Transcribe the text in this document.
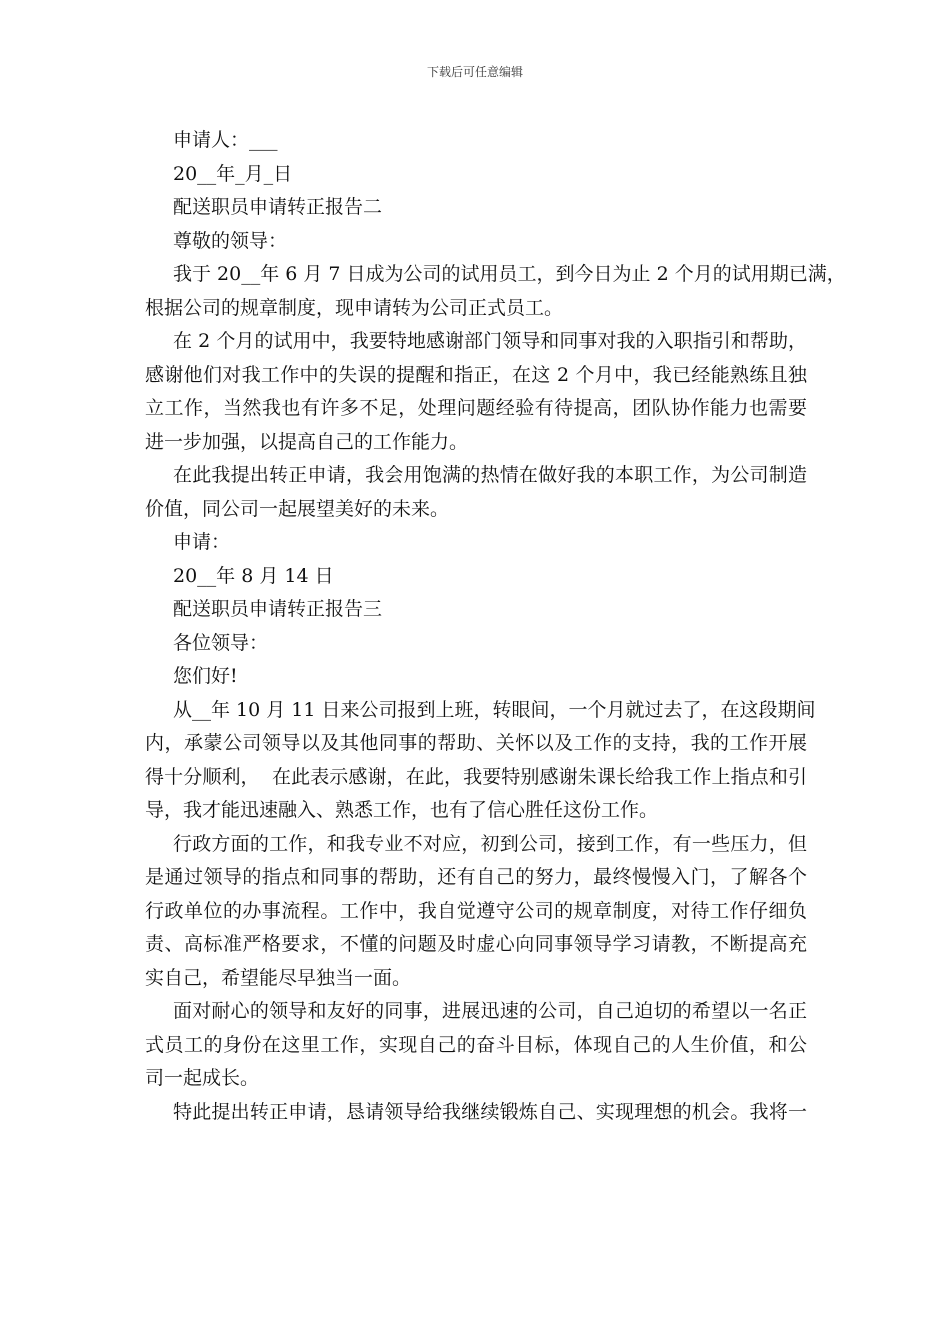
下载后可任意编辑
申请人：___
20__年_月_日
配送职员申请转正报告二
尊敬的领导：
我于 20__年 6 月 7 日成为公司的试用员工，到今日为止 2 个月的试用期已满，
根据公司的规章制度，现申请转为公司正式员工。
在 2 个月的试用中，我要特地感谢部门领导和同事对我的入职指引和帮助，
感谢他们对我工作中的失误的提醒和指正，在这 2 个月中，我已经能熟练且独
立工作，当然我也有许多不足，处理问题经验有待提高，团队协作能力也需要
进一步加强，以提高自己的工作能力。
在此我提出转正申请，我会用饱满的热情在做好我的本职工作，为公司制造
价值，同公司一起展望美好的未来。
申请：
20__年 8 月 14 日
配送职员申请转正报告三
各位领导：
您们好!
从__年 10 月 11 日来公司报到上班，转眼间，一个月就过去了，在这段期间
内，承蒙公司领导以及其他同事的帮助、关怀以及工作的支持，我的工作开展
得十分顺利，  在此表示感谢，在此，我要特别感谢朱课长给我工作上指点和引
导，我才能迅速融入、熟悉工作，也有了信心胜任这份工作。
行政方面的工作，和我专业不对应，初到公司，接到工作，有一些压力，但
是通过领导的指点和同事的帮助，还有自己的努力，最终慢慢入门，了解各个
行政单位的办事流程。工作中，我自觉遵守公司的规章制度，对待工作仔细负
责、高标准严格要求，不懂的问题及时虚心向同事领导学习请教，不断提高充
实自己，希望能尽早独当一面。
面对耐心的领导和友好的同事，进展迅速的公司，自己迫切的希望以一名正
式员工的身份在这里工作，实现自己的奋斗目标，体现自己的人生价值，和公
司一起成长。
特此提出转正申请，恳请领导给我继续锻炼自己、实现理想的机会。我将一
